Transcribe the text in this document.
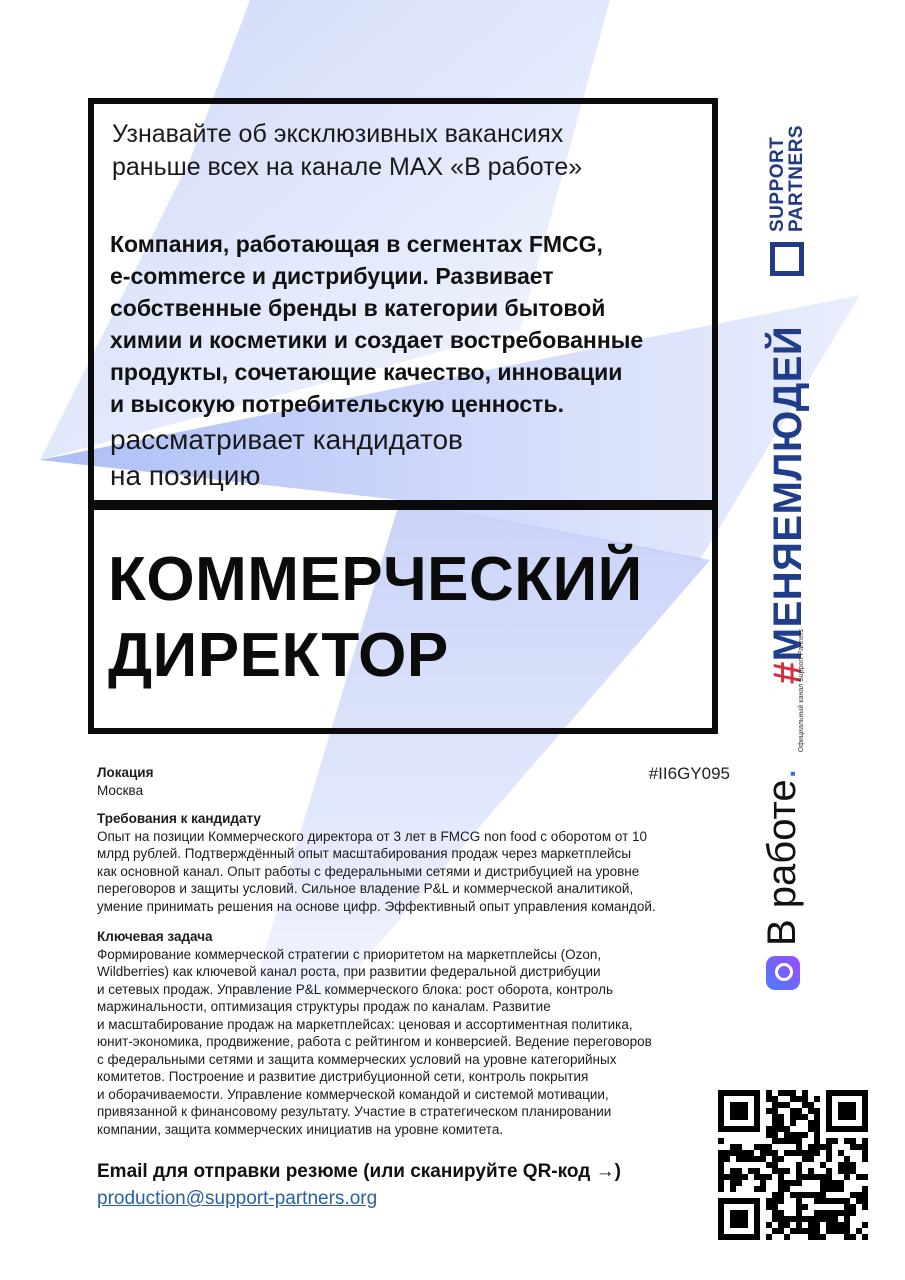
Узнавайте об эксклюзивных вакансиях
раньше всех на канале MAX «В работе»
Компания, работающая в сегментах FMCG,
e-commerce и дистрибуции. Развивает
собственные бренды в категории бытовой
химии и косметики и создает востребованные
продукты, сочетающие качество, инновации
и высокую потребительскую ценность.
рассматривает кандидатов
на позицию
КОММЕРЧЕСКИЙ
ДИРЕКТОР
#II6GY095
Локация
Москва
Требования к кандидату
Опыт на позиции Коммерческого директора от 3 лет в FMCG non food с оборотом от 10
млрд рублей. Подтверждённый опыт масштабирования продаж через маркетплейсы
как основной канал. Опыт работы с федеральными сетями и дистрибуцией на уровне
переговоров и защиты условий. Сильное владение P&L и коммерческой аналитикой,
умение принимать решения на основе цифр. Эффективный опыт управления командой.
Ключевая задача
Формирование коммерческой стратегии с приоритетом на маркетплейсы (Ozon,
Wildberries) как ключевой канал роста, при развитии федеральной дистрибуции
и сетевых продаж. Управление P&L коммерческого блока: рост оборота, контроль
маржинальности, оптимизация структуры продаж по каналам. Развитие
и масштабирование продаж на маркетплейсах: ценовая и ассортиментная политика,
юнит-экономика, продвижение, работа с рейтингом и конверсией. Ведение переговоров
с федеральными сетями и защита коммерческих условий на уровне категорийных
комитетов. Построение и развитие дистрибуционной сети, контроль покрытия
и оборачиваемости. Управление коммерческой командой и системой мотивации,
привязанной к финансовому результату. Участие в стратегическом планировании
компании, защита коммерческих инициатив на уровне комитета.
Email для отправки резюме (или сканируйте QR-код →)
production@support-partners.org
SUPPORT
PARTNERS
#МЕНЯЕМЛЮДЕЙ
В работе.
Официальный канал Support Partners
